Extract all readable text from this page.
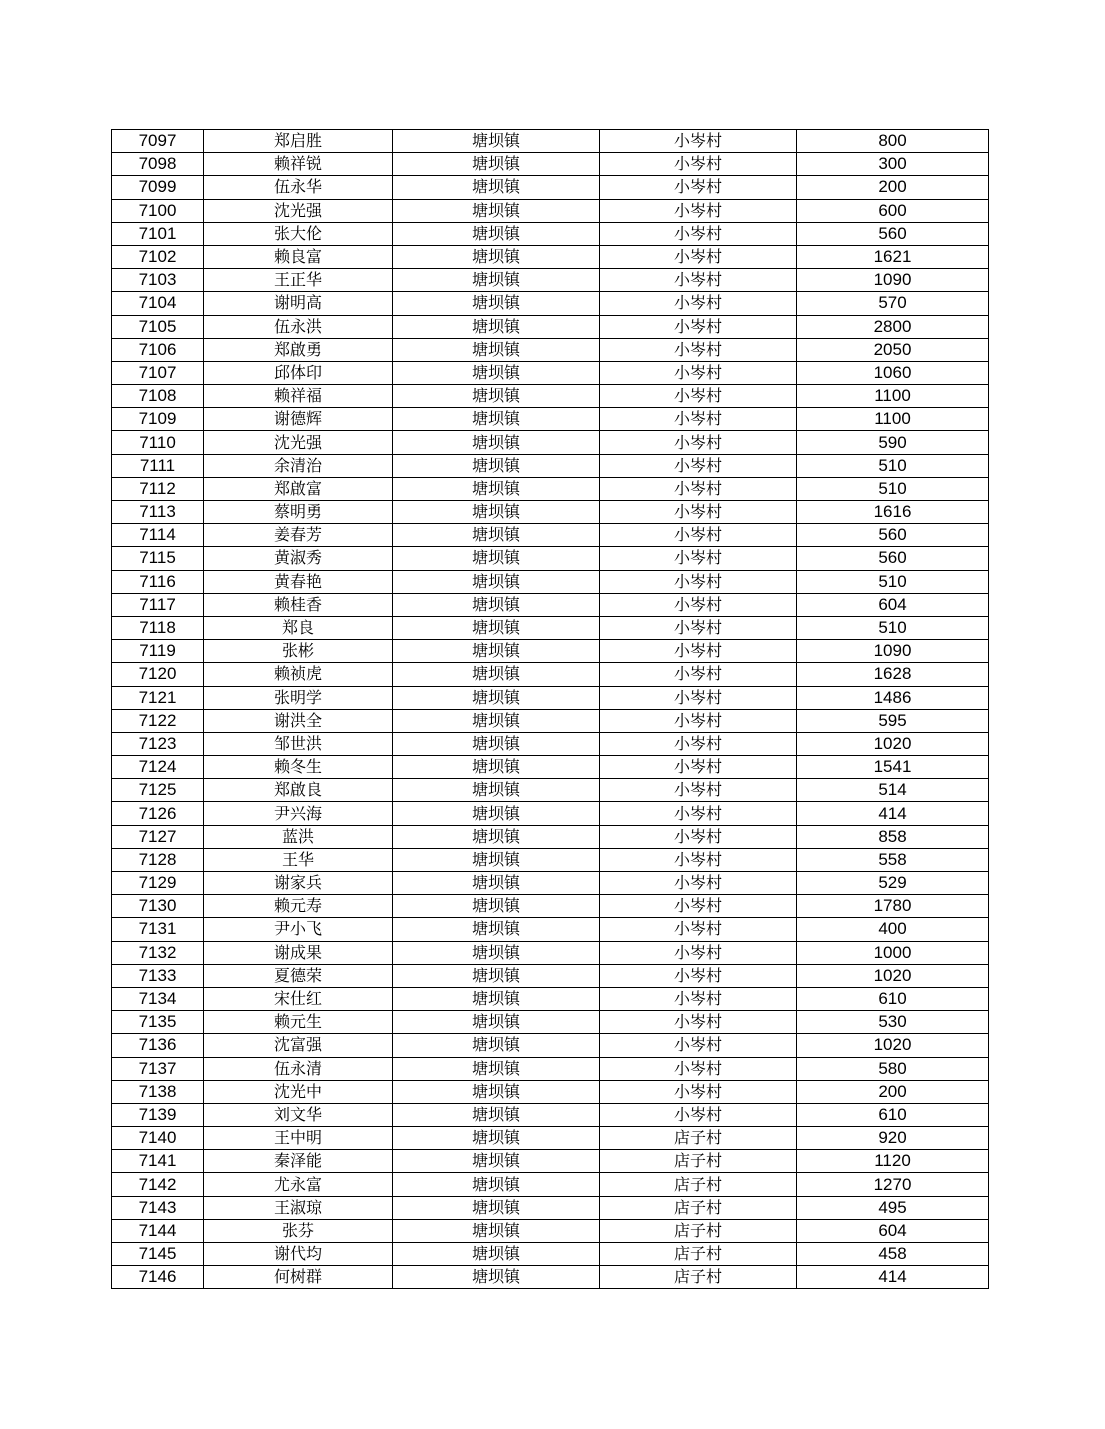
7097	郑启胜	塘坝镇	小岑村	800
7098	赖祥锐	塘坝镇	小岑村	300
7099	伍永华	塘坝镇	小岑村	200
7100	沈光强	塘坝镇	小岑村	600
7101	张大伦	塘坝镇	小岑村	560
7102	赖良富	塘坝镇	小岑村	1621
7103	王正华	塘坝镇	小岑村	1090
7104	谢明高	塘坝镇	小岑村	570
7105	伍永洪	塘坝镇	小岑村	2800
7106	郑啟勇	塘坝镇	小岑村	2050
7107	邱体印	塘坝镇	小岑村	1060
7108	赖祥福	塘坝镇	小岑村	1100
7109	谢德辉	塘坝镇	小岑村	1100
7110	沈光强	塘坝镇	小岑村	590
7111	余清治	塘坝镇	小岑村	510
7112	郑啟富	塘坝镇	小岑村	510
7113	蔡明勇	塘坝镇	小岑村	1616
7114	姜春芳	塘坝镇	小岑村	560
7115	黄淑秀	塘坝镇	小岑村	560
7116	黄春艳	塘坝镇	小岑村	510
7117	赖桂香	塘坝镇	小岑村	604
7118	郑良	塘坝镇	小岑村	510
7119	张彬	塘坝镇	小岑村	1090
7120	赖祯虎	塘坝镇	小岑村	1628
7121	张明学	塘坝镇	小岑村	1486
7122	谢洪全	塘坝镇	小岑村	595
7123	邹世洪	塘坝镇	小岑村	1020
7124	赖冬生	塘坝镇	小岑村	1541
7125	郑啟良	塘坝镇	小岑村	514
7126	尹兴海	塘坝镇	小岑村	414
7127	蓝洪	塘坝镇	小岑村	858
7128	王华	塘坝镇	小岑村	558
7129	谢家兵	塘坝镇	小岑村	529
7130	赖元寿	塘坝镇	小岑村	1780
7131	尹小飞	塘坝镇	小岑村	400
7132	谢成果	塘坝镇	小岑村	1000
7133	夏德荣	塘坝镇	小岑村	1020
7134	宋仕红	塘坝镇	小岑村	610
7135	赖元生	塘坝镇	小岑村	530
7136	沈富强	塘坝镇	小岑村	1020
7137	伍永清	塘坝镇	小岑村	580
7138	沈光中	塘坝镇	小岑村	200
7139	刘文华	塘坝镇	小岑村	610
7140	王中明	塘坝镇	店子村	920
7141	秦泽能	塘坝镇	店子村	1120
7142	尤永富	塘坝镇	店子村	1270
7143	王淑琼	塘坝镇	店子村	495
7144	张芬	塘坝镇	店子村	604
7145	谢代均	塘坝镇	店子村	458
7146	何树群	塘坝镇	店子村	414
